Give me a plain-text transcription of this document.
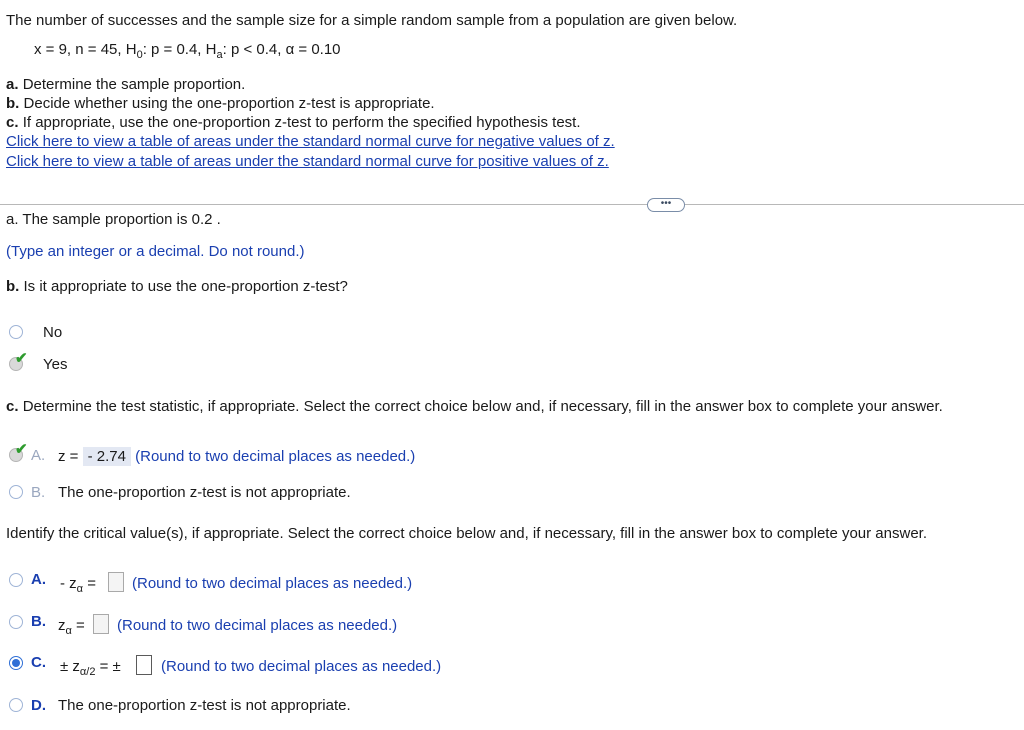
The number of successes and the sample size for a simple random sample from a population are given below.
x = 9, n = 45, $H_0$: p = 0.4, $H_a$: p < 0.4, α = 0.10
a. Determine the sample proportion.
b. Decide whether using the one-proportion z-test is appropriate.
c. If appropriate, use the one-proportion z-test to perform the specified hypothesis test.
Click here to view a table of areas under the standard normal curve for negative values of z.
Click here to view a table of areas under the standard normal curve for positive values of z.
•••
a. The sample proportion is 0.2 .
(Type an integer or a decimal. Do not round.)
b. Is it appropriate to use the one-proportion z-test?
No
✔ Yes
c. Determine the test statistic, if appropriate. Select the correct choice below and, if necessary, fill in the answer box to complete your answer.
✔ A. z = - 2.74 (Round to two decimal places as needed.)
B. The one-proportion z-test is not appropriate.
Identify the critical value(s), if appropriate. Select the correct choice below and, if necessary, fill in the answer box to complete your answer.
A. - $z_\alpha$ = (Round to two decimal places as needed.)
B. $z_\alpha$ = (Round to two decimal places as needed.)
C. ± $z_{\alpha/2}$ = ±	(Round to two decimal places as needed.)
D. The one-proportion z-test is not appropriate.
